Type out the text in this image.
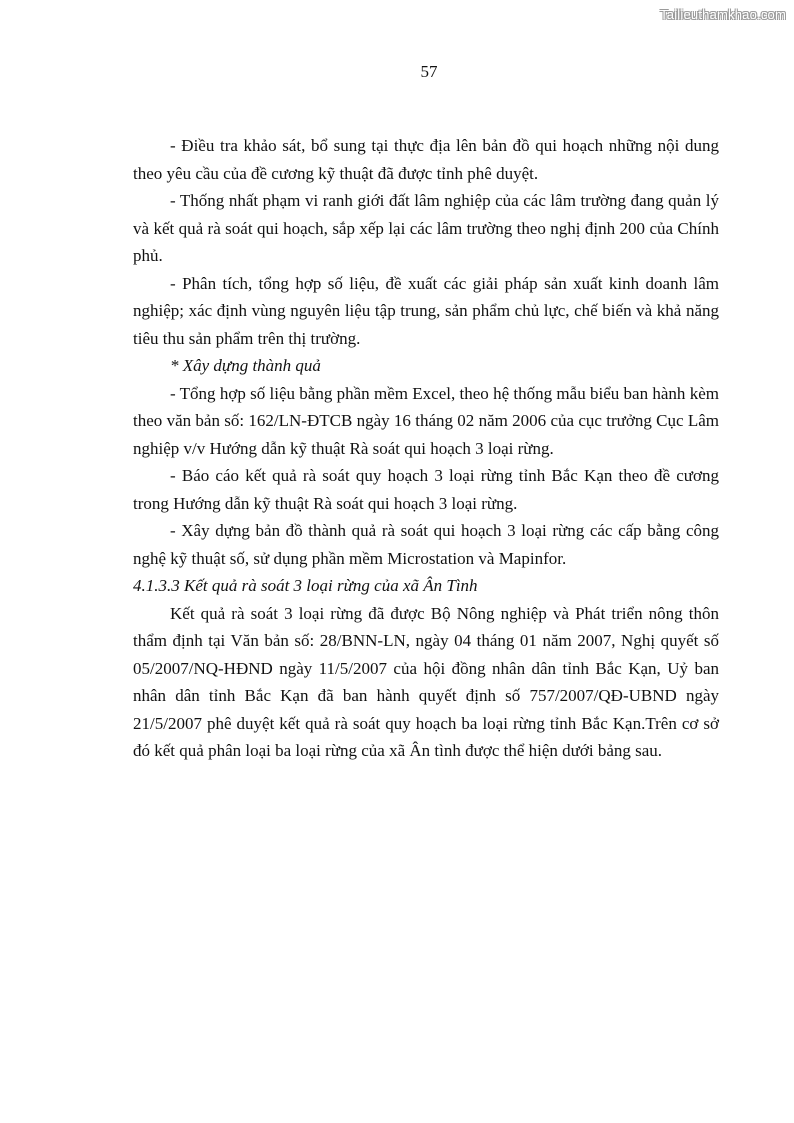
Tailieuthamkhao.com
57

- Điều tra khảo sát, bổ sung tại thực địa lên bản đồ qui hoạch những nội dung theo yêu cầu của đề cương kỹ thuật đã được tỉnh phê duyệt.

- Thống nhất phạm vi ranh giới đất lâm nghiệp của các lâm trường đang quản lý và kết quả rà soát qui hoạch, sắp xếp lại các lâm trường theo nghị định 200 của Chính phủ.

- Phân tích, tổng hợp số liệu, đề xuất các giải pháp sản xuất kinh doanh lâm nghiệp; xác định vùng nguyên liệu tập trung, sản phẩm chủ lực, chế biến và khả năng tiêu thu sản phẩm trên thị trường.

* Xây dựng thành quả

- Tổng hợp số liệu bằng phần mềm Excel, theo hệ thống mẫu biểu ban hành kèm theo văn bản số: 162/LN-ĐTCB ngày 16 tháng 02 năm 2006 của cục trưởng Cục Lâm nghiệp v/v Hướng dẫn kỹ thuật Rà soát qui hoạch 3 loại rừng.

- Báo cáo kết quả rà soát quy hoạch 3 loại rừng tỉnh Bắc Kạn theo đề cương trong Hướng dẫn kỹ thuật Rà soát qui hoạch 3 loại rừng.

- Xây dựng bản đồ thành quả rà soát qui hoạch 3 loại rừng các cấp bằng công nghệ kỹ thuật số, sử dụng phần mềm Microstation và Mapinfor.

4.1.3.3 Kết quả rà soát 3 loại rừng của xã Ân Tình

Kết quả rà soát 3 loại rừng đã được Bộ Nông nghiệp và Phát triển nông thôn thẩm định tại Văn bản số: 28/BNN-LN, ngày 04 tháng 01 năm 2007, Nghị quyết số 05/2007/NQ-HĐND ngày 11/5/2007 của hội đồng nhân dân tỉnh Bắc Kạn, Uỷ ban nhân dân tỉnh Bắc Kạn đã ban hành quyết định số 757/2007/QĐ-UBND ngày 21/5/2007 phê duyệt kết quả rà soát quy hoạch ba loại rừng tỉnh Bắc Kạn.Trên cơ sở đó kết quả phân loại ba loại rừng của xã Ân tình được thể hiện dưới bảng sau.
